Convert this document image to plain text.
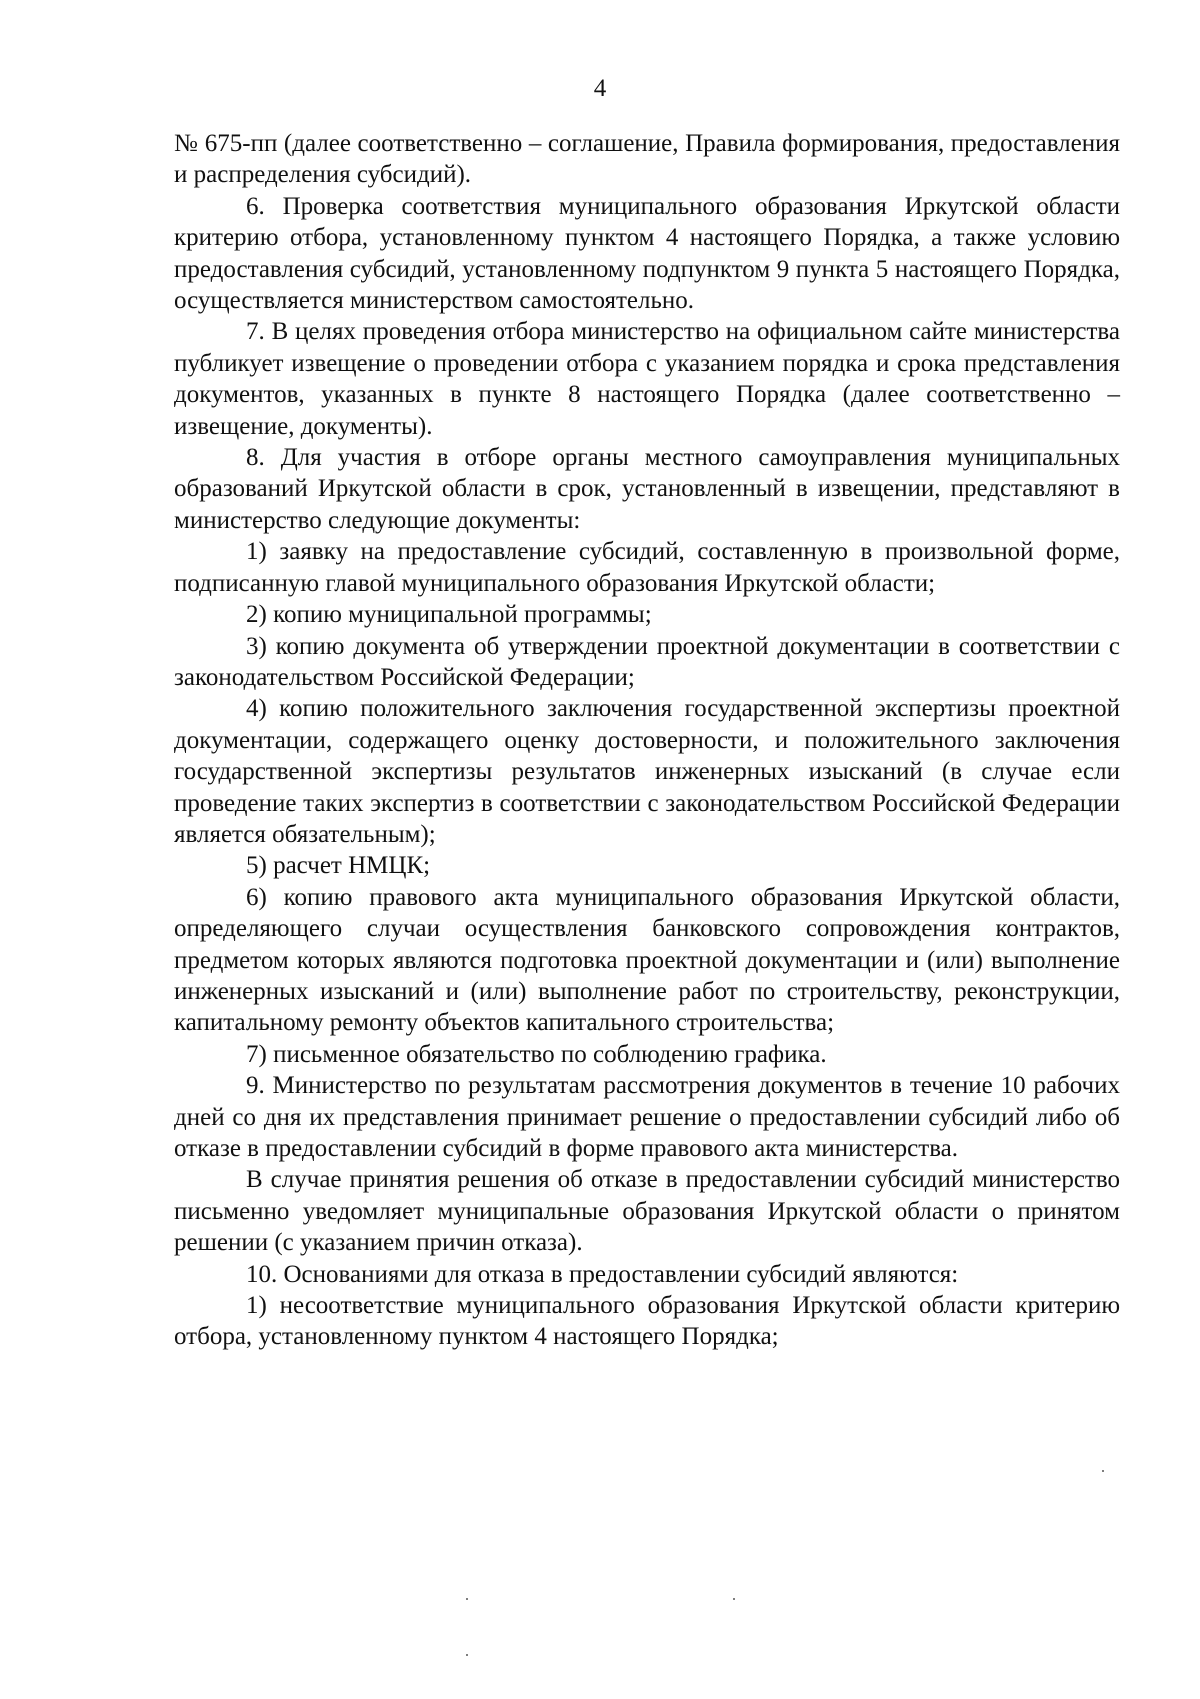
4

№ 675-пп (далее соответственно – соглашение, Правила формирования, предоставления и распределения субсидий).

6. Проверка соответствия муниципального образования Иркутской области критерию отбора, установленному пунктом 4 настоящего Порядка, а также условию предоставления субсидий, установленному подпунктом 9 пункта 5 настоящего Порядка, осуществляется министерством самостоятельно.

7. В целях проведения отбора министерство на официальном сайте министерства публикует извещение о проведении отбора с указанием порядка и срока представления документов, указанных в пункте 8 настоящего Порядка (далее соответственно – извещение, документы).

8. Для участия в отборе органы местного самоуправления муниципальных образований Иркутской области в срок, установленный в извещении, представляют в министерство следующие документы:

1) заявку на предоставление субсидий, составленную в произвольной форме, подписанную главой муниципального образования Иркутской области;

2) копию муниципальной программы;

3) копию документа об утверждении проектной документации в соответствии с законодательством Российской Федерации;

4) копию положительного заключения государственной экспертизы проектной документации, содержащего оценку достоверности, и положительного заключения государственной экспертизы результатов инженерных изысканий (в случае если проведение таких экспертиз в соответствии с законодательством Российской Федерации является обязательным);

5) расчет НМЦК;

6) копию правового акта муниципального образования Иркутской области, определяющего случаи осуществления банковского сопровождения контрактов, предметом которых являются подготовка проектной документации и (или) выполнение инженерных изысканий и (или) выполнение работ по строительству, реконструкции, капитальному ремонту объектов капитального строительства;

7) письменное обязательство по соблюдению графика.

9. Министерство по результатам рассмотрения документов в течение 10 рабочих дней со дня их представления принимает решение о предоставлении субсидий либо об отказе в предоставлении субсидий в форме правового акта министерства.

В случае принятия решения об отказе в предоставлении субсидий министерство письменно уведомляет муниципальные образования Иркутской области о принятом решении (с указанием причин отказа).

10. Основаниями для отказа в предоставлении субсидий являются:

1) несоответствие муниципального образования Иркутской области критерию отбора, установленному пунктом 4 настоящего Порядка;
